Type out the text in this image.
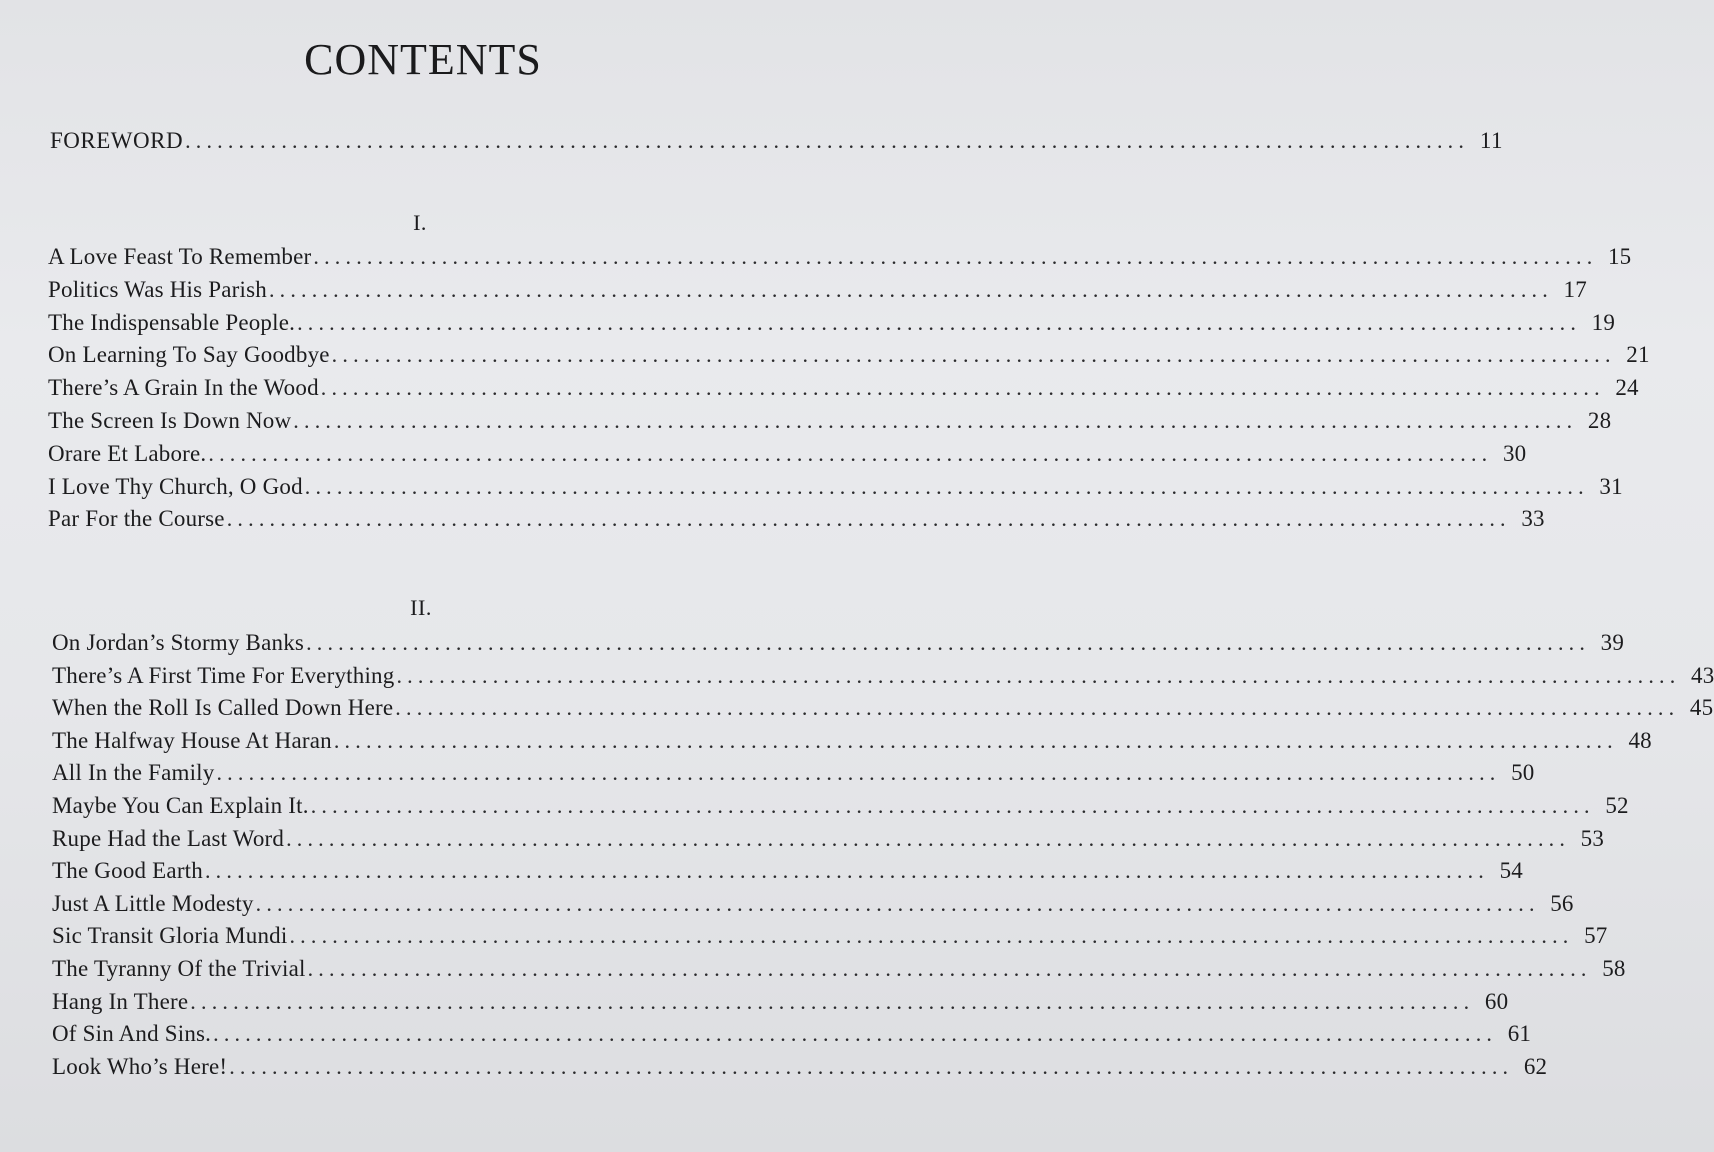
CONTENTS
FOREWORD ........................................................................................................................ 11
I.
A Love Feast To Remember ........................................................................................................................ 15
Politics Was His Parish ........................................................................................................................ 17
The Indispensable People. ........................................................................................................................ 19
On Learning To Say Goodbye ........................................................................................................................ 21
There’s A Grain In the Wood ........................................................................................................................ 24
The Screen Is Down Now ........................................................................................................................ 28
Orare Et Labore. ........................................................................................................................ 30
I Love Thy Church, O God ........................................................................................................................ 31
Par For the Course ........................................................................................................................ 33
II.
On Jordan’s Stormy Banks ........................................................................................................................ 39
There’s A First Time For Everything ........................................................................................................................ 43
When the Roll Is Called Down Here ........................................................................................................................ 45
The Halfway House At Haran ........................................................................................................................ 48
All In the Family ........................................................................................................................ 50
Maybe You Can Explain It. ........................................................................................................................ 52
Rupe Had the Last Word ........................................................................................................................ 53
The Good Earth ........................................................................................................................ 54
Just A Little Modesty ........................................................................................................................ 56
Sic Transit Gloria Mundi ........................................................................................................................ 57
The Tyranny Of the Trivial ........................................................................................................................ 58
Hang In There ........................................................................................................................ 60
Of Sin And Sins. ........................................................................................................................ 61
Look Who’s Here! ........................................................................................................................ 62
